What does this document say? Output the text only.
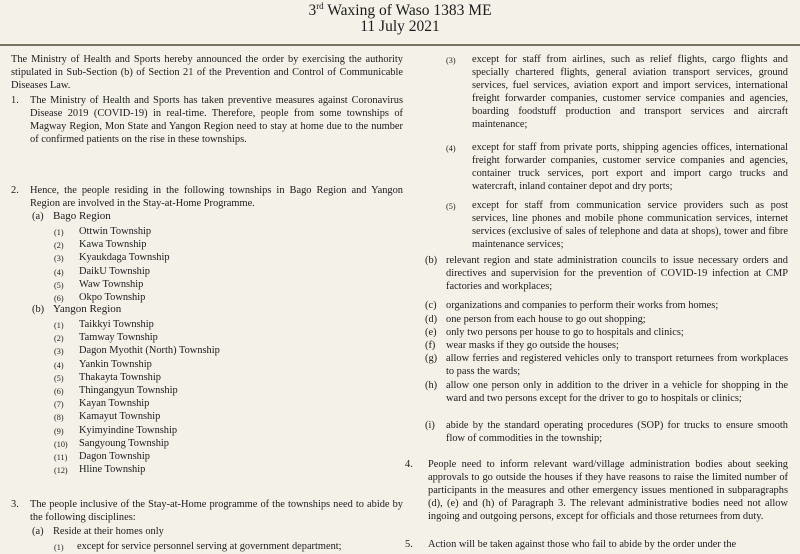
3rd Waxing of Waso 1383 ME
11 July 2021
The Ministry of Health and Sports hereby announced the order by exercising the authority stipulated in Sub-Section (b) of Section 21 of the Prevention and Control of Communicable Diseases Law.
1.	The Ministry of Health and Sports has taken preventive measures against Coronavirus Disease 2019 (COVID-19) in real-time. Therefore, people from some townships of Magway Region, Mon State and Yangon Region need to stay at home due to the number of confirmed patients on the rise in these townships.
2.	Hence, the people residing in the following townships in Bago Region and Yangon Region are involved in the Stay-at-Home Programme.
(a) Bago Region
(1) Ottwin Township
(2) Kawa Township
(3) Kyaukdaga Township
(4) DaikU Township
(5) Waw Township
(6) Okpo Township
(b) Yangon Region
(1) Taikkyi Township
(2) Tamway Township
(3) Dagon Myothit (North) Township
(4) Yankin Township
(5) Thakayta Township
(6) Thingangyun Township
(7) Kayan Township
(8) Kamayut Township
(9) Kyimyindine Township
(10) Sangyoung Township
(11) Dagon Township
(12) Hline Township
3.	The people inclusive of the Stay-at-Home programme of the townships need to abide by the following disciplines:
(a) Reside at their homes only
(1) except for service personnel serving at government department;
(3)	except for staff from airlines, such as relief flights, cargo flights and specially chartered flights, general aviation transport services, ground services, fuel services, aviation export and import services, international freight forwarder companies, customer service companies and agencies, boarding foodstuff production and transport services and aircraft maintenance;
(4)	except for staff from private ports, shipping agencies offices, international freight forwarder companies, customer service companies and agencies, container truck services, port export and import cargo trucks and watercraft, inland container depot and dry ports;
(5)	except for staff from communication service providers such as post services, line phones and mobile phone communication services, internet services (exclusive of sales of telephone and data at shops), tower and fibre maintenance services;
(b) relevant region and state administration councils to issue necessary orders and directives and supervision for the prevention of COVID-19 infection at CMP factories and workplaces;
(c) organizations and companies to perform their works from homes;
(d) one person from each house to go out shopping;
(e) only two persons per house to go to hospitals and clinics;
(f)	wear masks if they go outside the houses;
(g) allow ferries and registered vehicles only to transport returnees from workplaces to pass the wards;
(h) allow one person only in addition to the driver in a vehicle for shopping in the ward and two persons except for the driver to go to hospitals or clinics;
(i)	abide by the standard operating procedures (SOP) for trucks to ensure smooth flow of commodities in the township;
4. People need to inform relevant ward/village administration bodies about seeking approvals to go outside the houses if they have reasons to raise the limited number of participants in the measures and other emergency issues mentioned in subparagraphs (d), (e) and (h) of Paragraph 3. The relevant administrative bodies need not allow ingoing and outgoing persons, except for officials and those returnees from duty.
5. Action will be taken against those who fail to abide by the order under the
